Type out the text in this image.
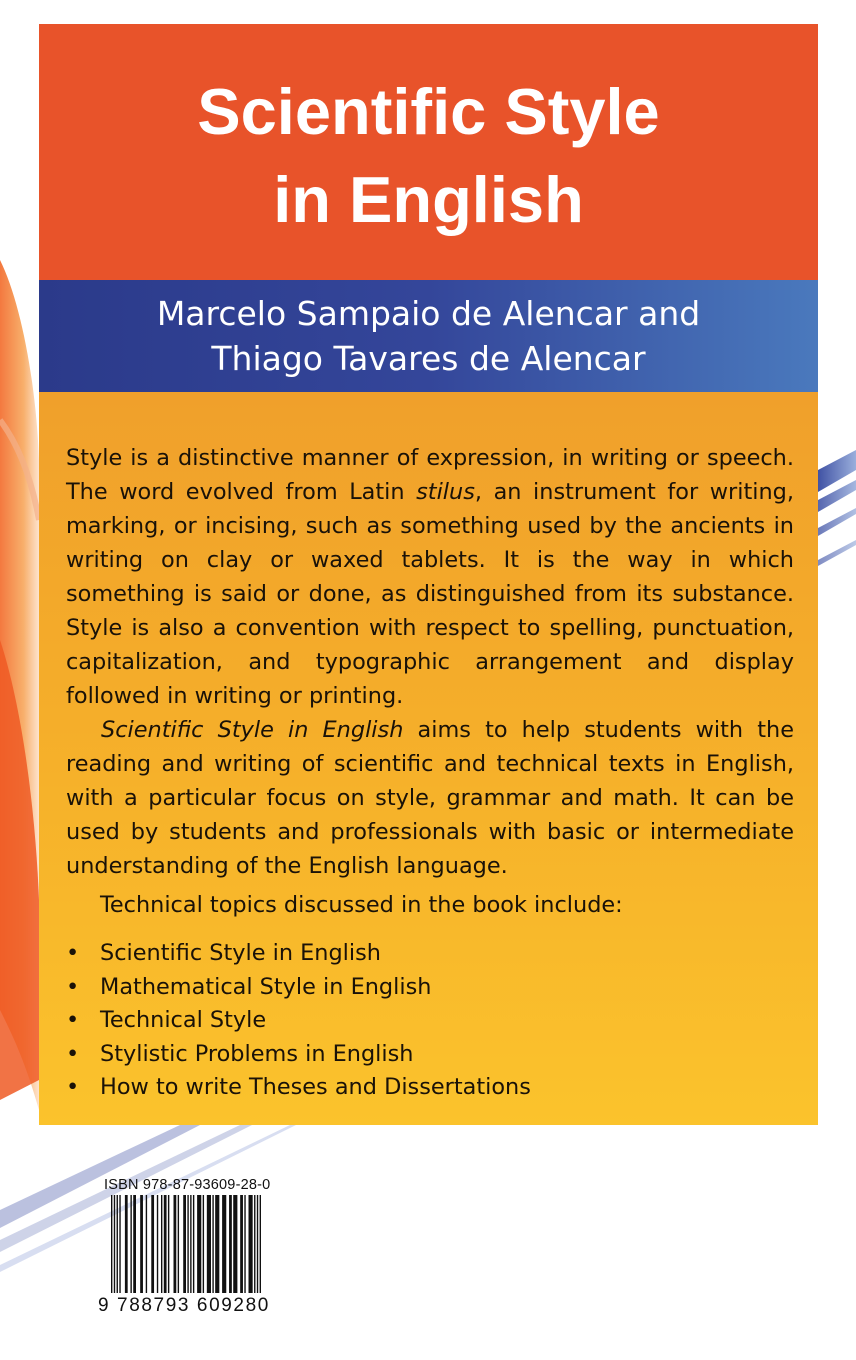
Scientific Style
in English
Marcelo Sampaio de Alencar and
Thiago Tavares de Alencar

Style is a distinctive manner of expression, in writing or speech. The word evolved from Latin stilus, an instrument for writing, marking, or incising, such as something used by the ancients in writing on clay or waxed tablets. It is the way in which something is said or done, as distinguished from its substance. Style is also a convention with respect to spelling, punctuation, capitalization, and typographic arrangement and display followed in writing or printing.

Scientific Style in English aims to help students with the reading and writing of scientific and technical texts in English, with a particular focus on style, grammar and math. It can be used by students and professionals with basic or intermediate understanding of the English language.

Technical topics discussed in the book include:

• Scientific Style in English
• Mathematical Style in English
• Technical Style
• Stylistic Problems in English
• How to write Theses and Dissertations

ISBN 978-87-93609-28-0

9 788793 609280
